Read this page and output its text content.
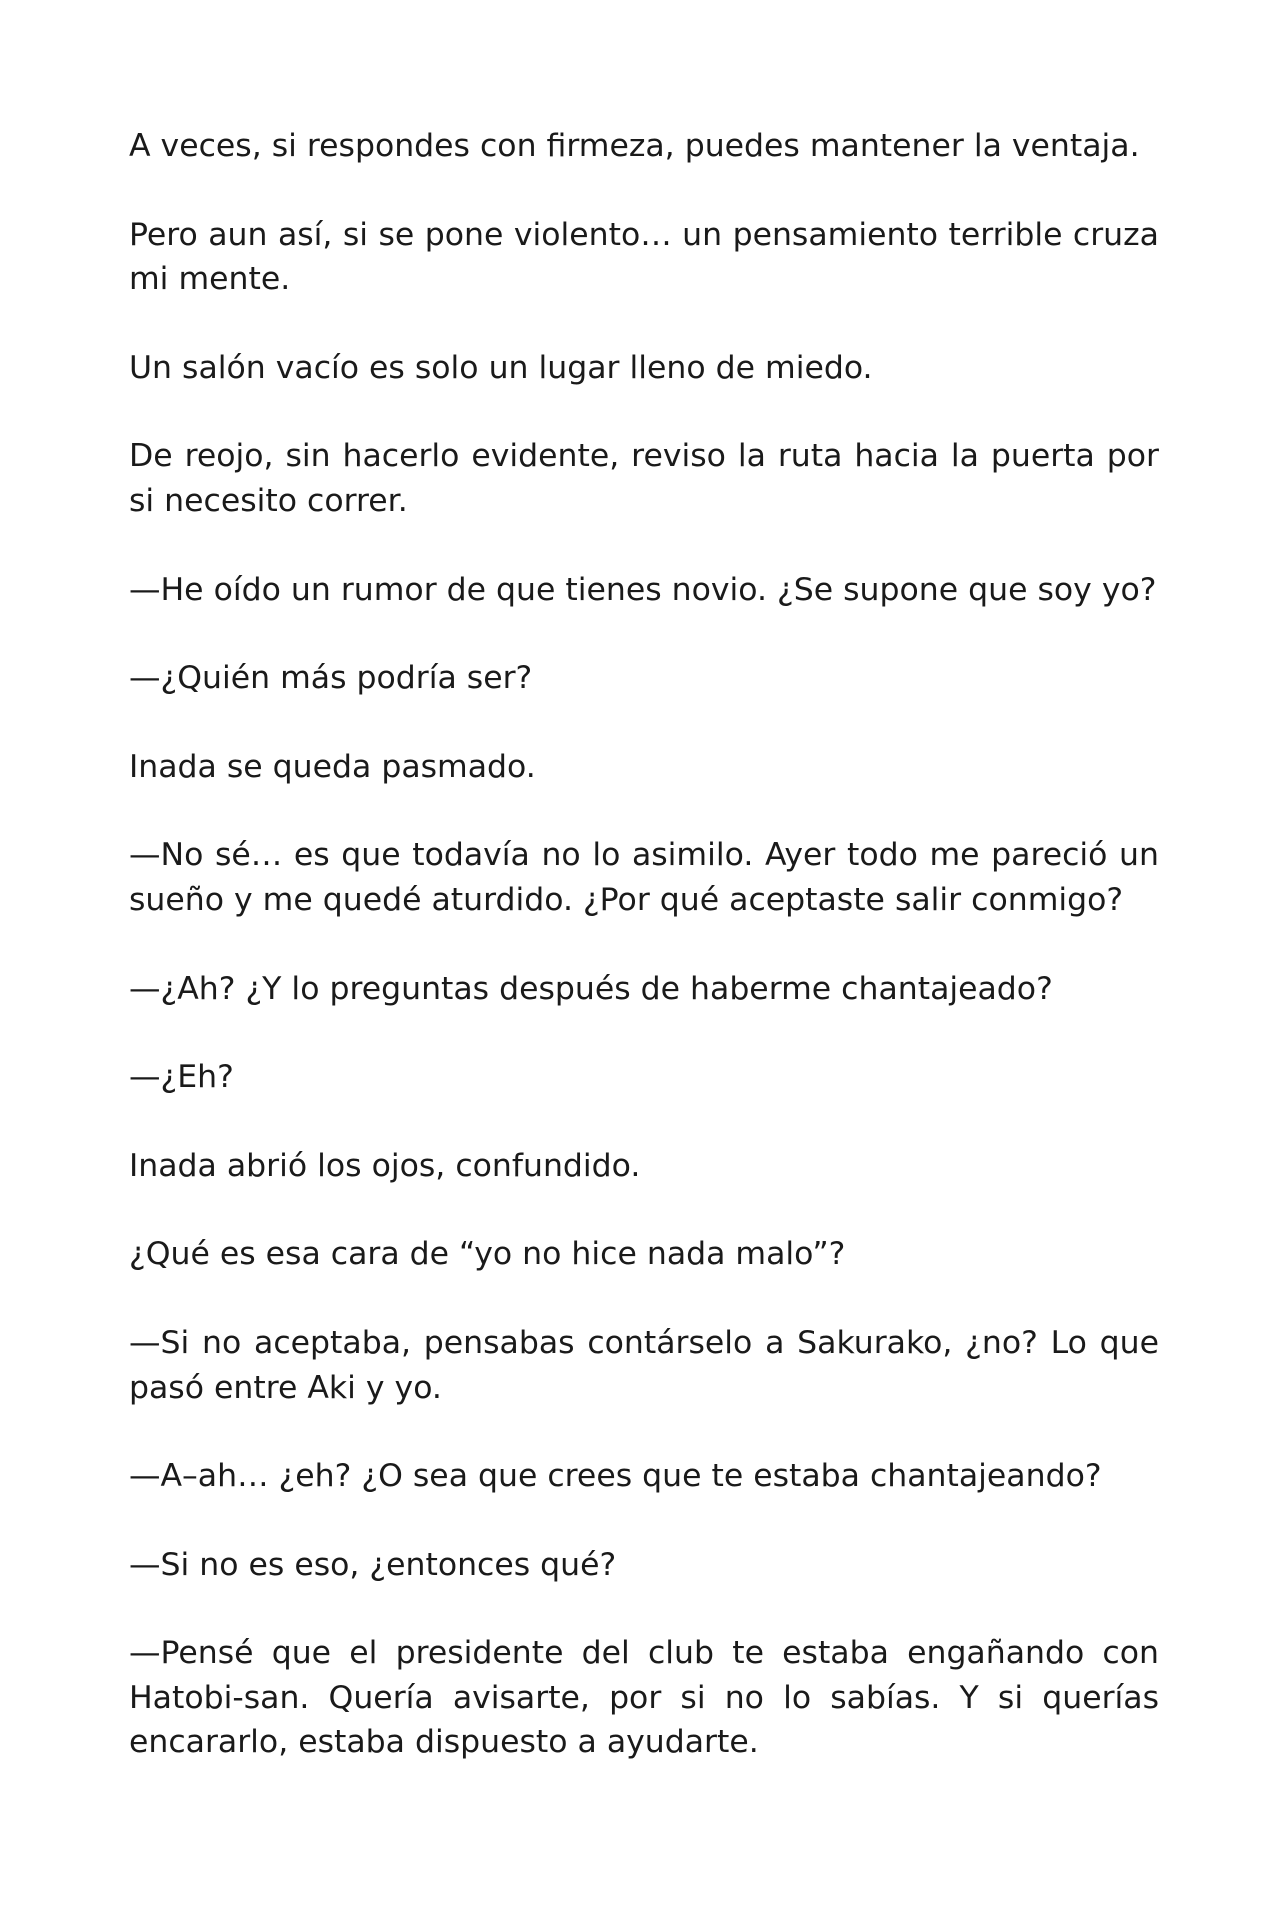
A veces, si respondes con firmeza, puedes mantener la ventaja.

Pero aun así, si se pone violento… un pensamiento terrible cruza mi mente.

Un salón vacío es solo un lugar lleno de miedo.

De reojo, sin hacerlo evidente, reviso la ruta hacia la puerta por si necesito correr.

—He oído un rumor de que tienes novio. ¿Se supone que soy yo?

—¿Quién más podría ser?

Inada se queda pasmado.

—No sé… es que todavía no lo asimilo. Ayer todo me pareció un sueño y me quedé aturdido. ¿Por qué aceptaste salir conmigo?

—¿Ah? ¿Y lo preguntas después de haberme chantajeado?

—¿Eh?

Inada abrió los ojos, confundido.

¿Qué es esa cara de “yo no hice nada malo”?

—Si no aceptaba, pensabas contárselo a Sakurako, ¿no? Lo que pasó entre Aki y yo.

—A–ah… ¿eh? ¿O sea que crees que te estaba chantajeando?

—Si no es eso, ¿entonces qué?

—Pensé que el presidente del club te estaba engañando con Hatobi-san. Quería avisarte, por si no lo sabías. Y si querías encararlo, estaba dispuesto a ayudarte.
